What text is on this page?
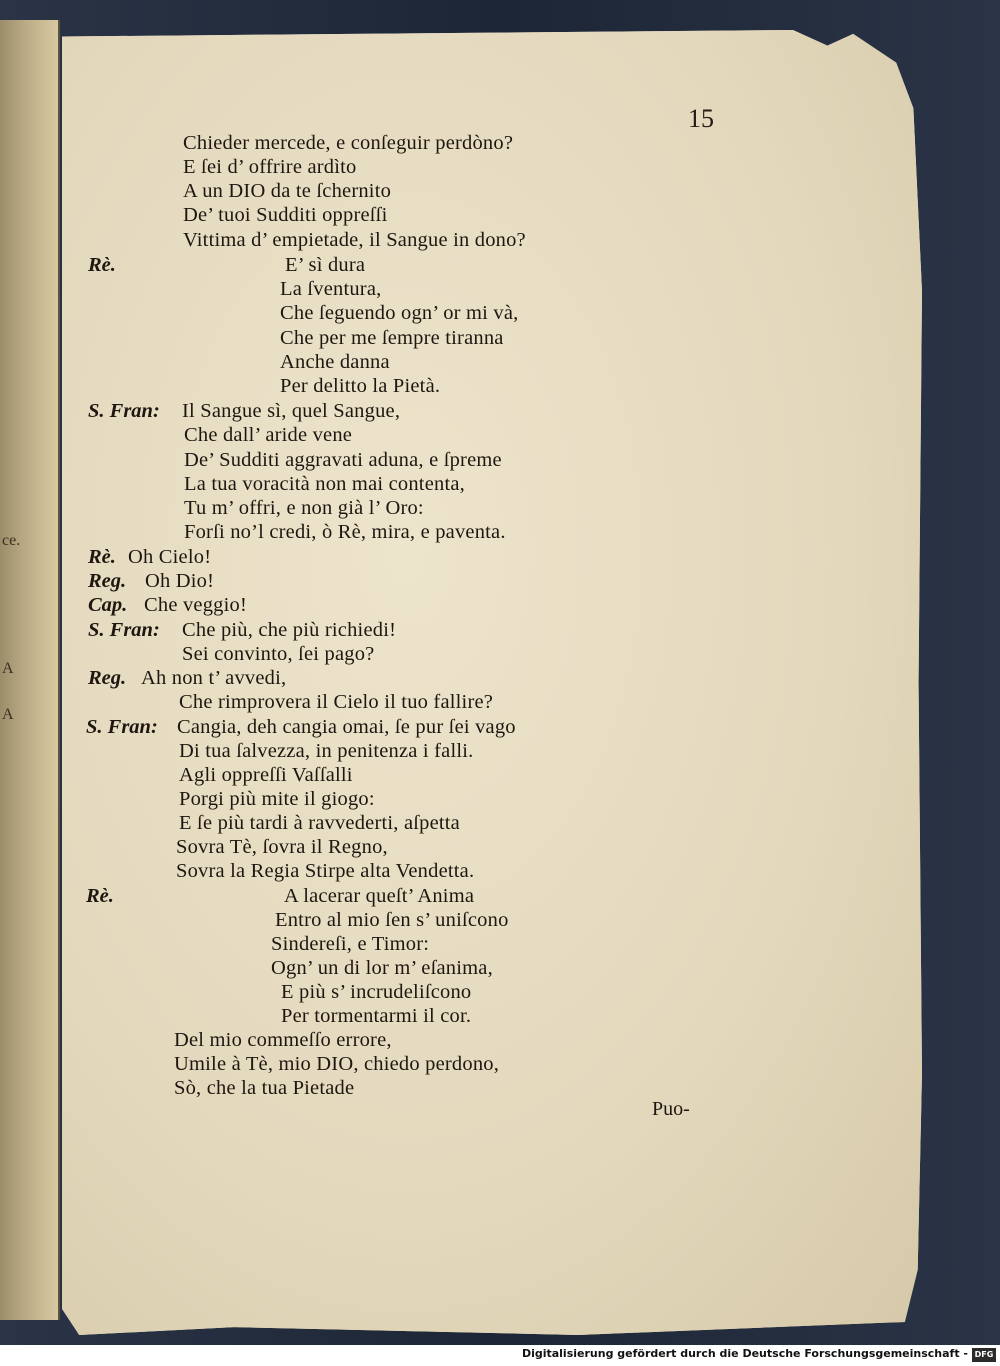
ce.
A
A
15
Chieder mercede, e conſeguir perdòno?
E ſei d’ offrire ardìto
A un DIO da te ſchernito
De’ tuoi Sudditi oppreſſi
Vittima d’ empietade, il Sangue in dono?
Rè.	E’ sì dura
La ſventura,
Che ſeguendo ogn’ or mi và,
Che per me ſempre tiranna
Anche danna
Per delitto la Pietà.
S. Fran: Il Sangue sì, quel Sangue,
Che dall’ aride vene
De’ Sudditi aggravati aduna, e ſpreme
La tua voracità non mai contenta,
Tu m’ offri, e non già l’ Oro:
Forſi no’l credi, ò Rè, mira, e paventa.
Rè. Oh Cielo!
Reg. Oh Dio!
Cap. Che veggio!
S. Fran: Che più, che più richiedi!
Sei convinto, ſei pago?
Reg. Ah non t’ avvedi,
Che rimprovera il Cielo il tuo fallire?
S. Fran: Cangia, deh cangia omai, ſe pur ſei vago
Di tua ſalvezza, in penitenza i falli.
Agli oppreſſi Vaſſalli
Porgi più mite il giogo:
E ſe più tardi à ravvederti, aſpetta
Sovra Tè, ſovra il Regno,
Sovra la Regia Stirpe alta Vendetta.
Rè.	A lacerar queſt’ Anima
Entro al mio ſen s’ uniſcono
Sindereſi, e Timor:
Ogn’ un di lor m’ eſanima,
E più s’ incrudeliſcono
Per tormentarmi il cor.
Del mio commeſſo errore,
Umile à Tè, mio DIO, chiedo perdono,
Sò, che la tua Pietade
Puo-
Digitalisierung gefördert durch die Deutsche Forschungsgemeinschaft - DFG
